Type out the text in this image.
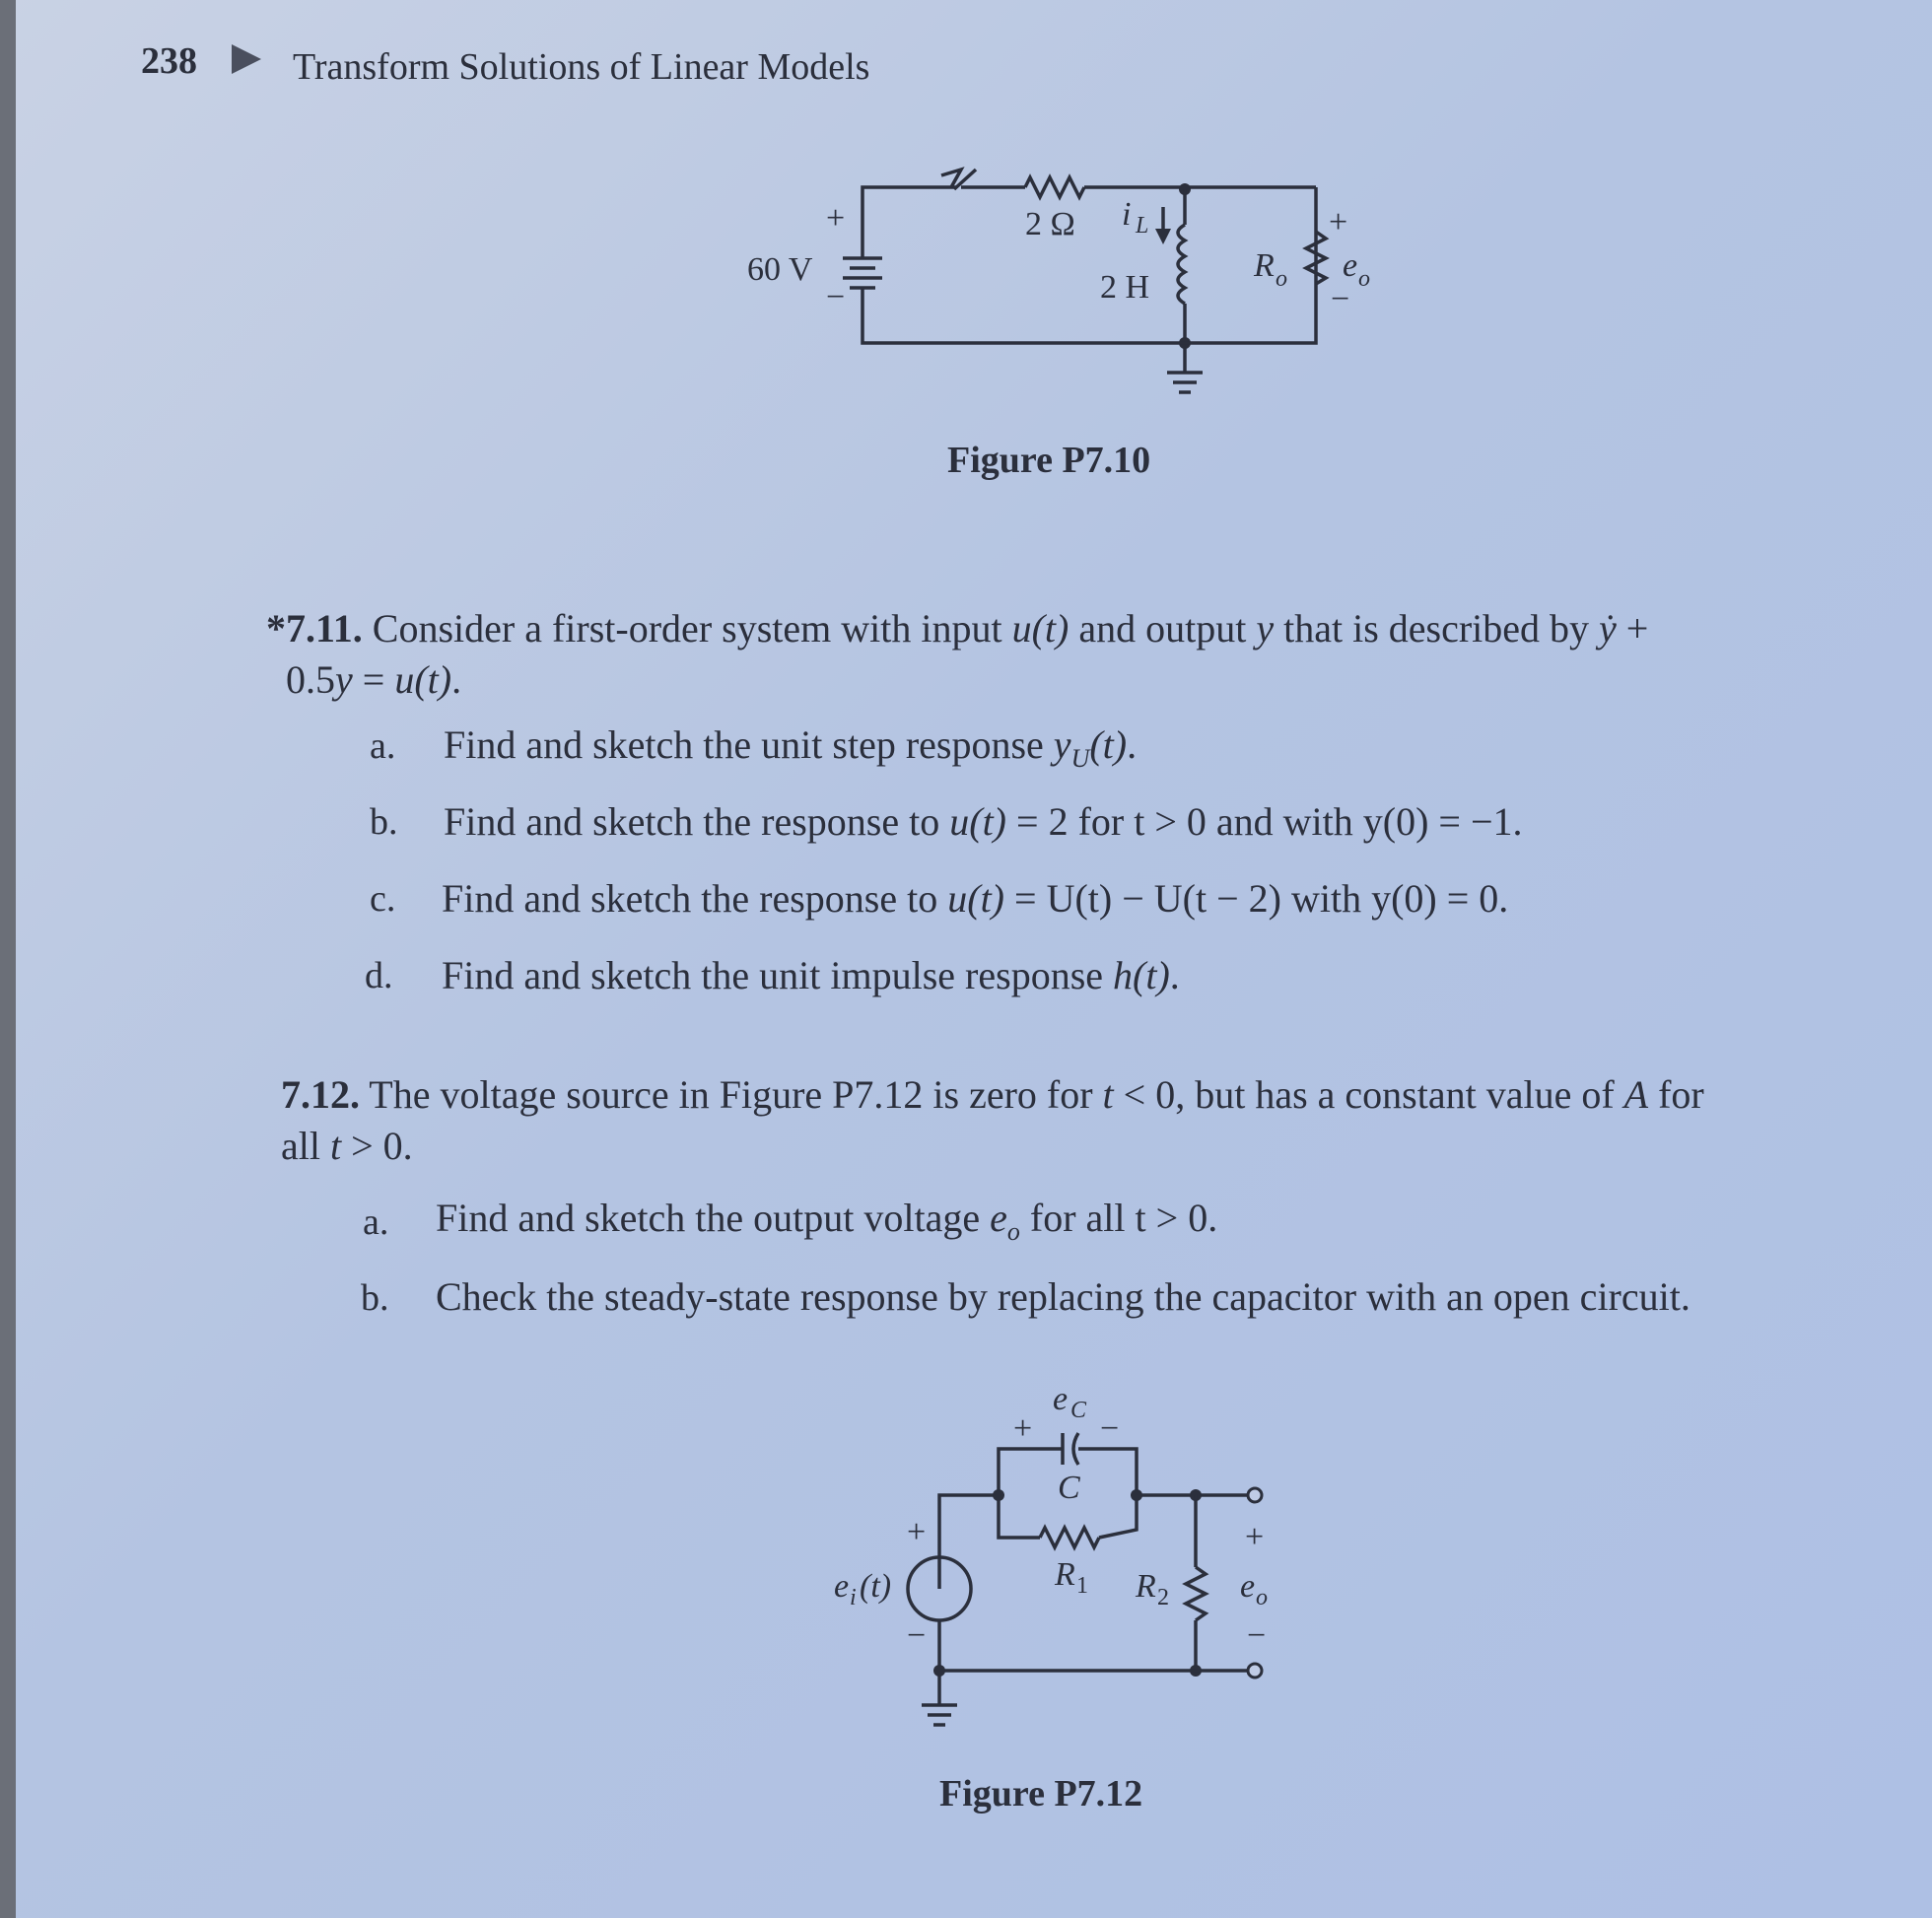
238	Transform Solutions of Linear Models
+
−
60 V
2 Ω i L
2 H
R o
+
e o
−
Figure P7.10
*7.11. Consider a first-order system with input u(t) and output y that is described by ẏ +
0.5y = u(t).
a. Find and sketch the unit step response $y_U(t)$.
b. Find and sketch the response to u(t) = 2 for t > 0 and with y(0) = −1.
c. Find and sketch the response to u(t) = U(t) − U(t − 2) with y(0) = 0.
d. Find and sketch the unit impulse response h(t).
7.12. The voltage source in Figure P7.12 is zero for t < 0, but has a constant value of A for
all t > 0.
a. Find and sketch the output voltage $e_o$ for all t > 0.
b. Check the steady-state response by replacing the capacitor with an open circuit.
e C
+ −
C
R 1 R 2
+
−
e i (t)
+
e o
−
Figure P7.12
